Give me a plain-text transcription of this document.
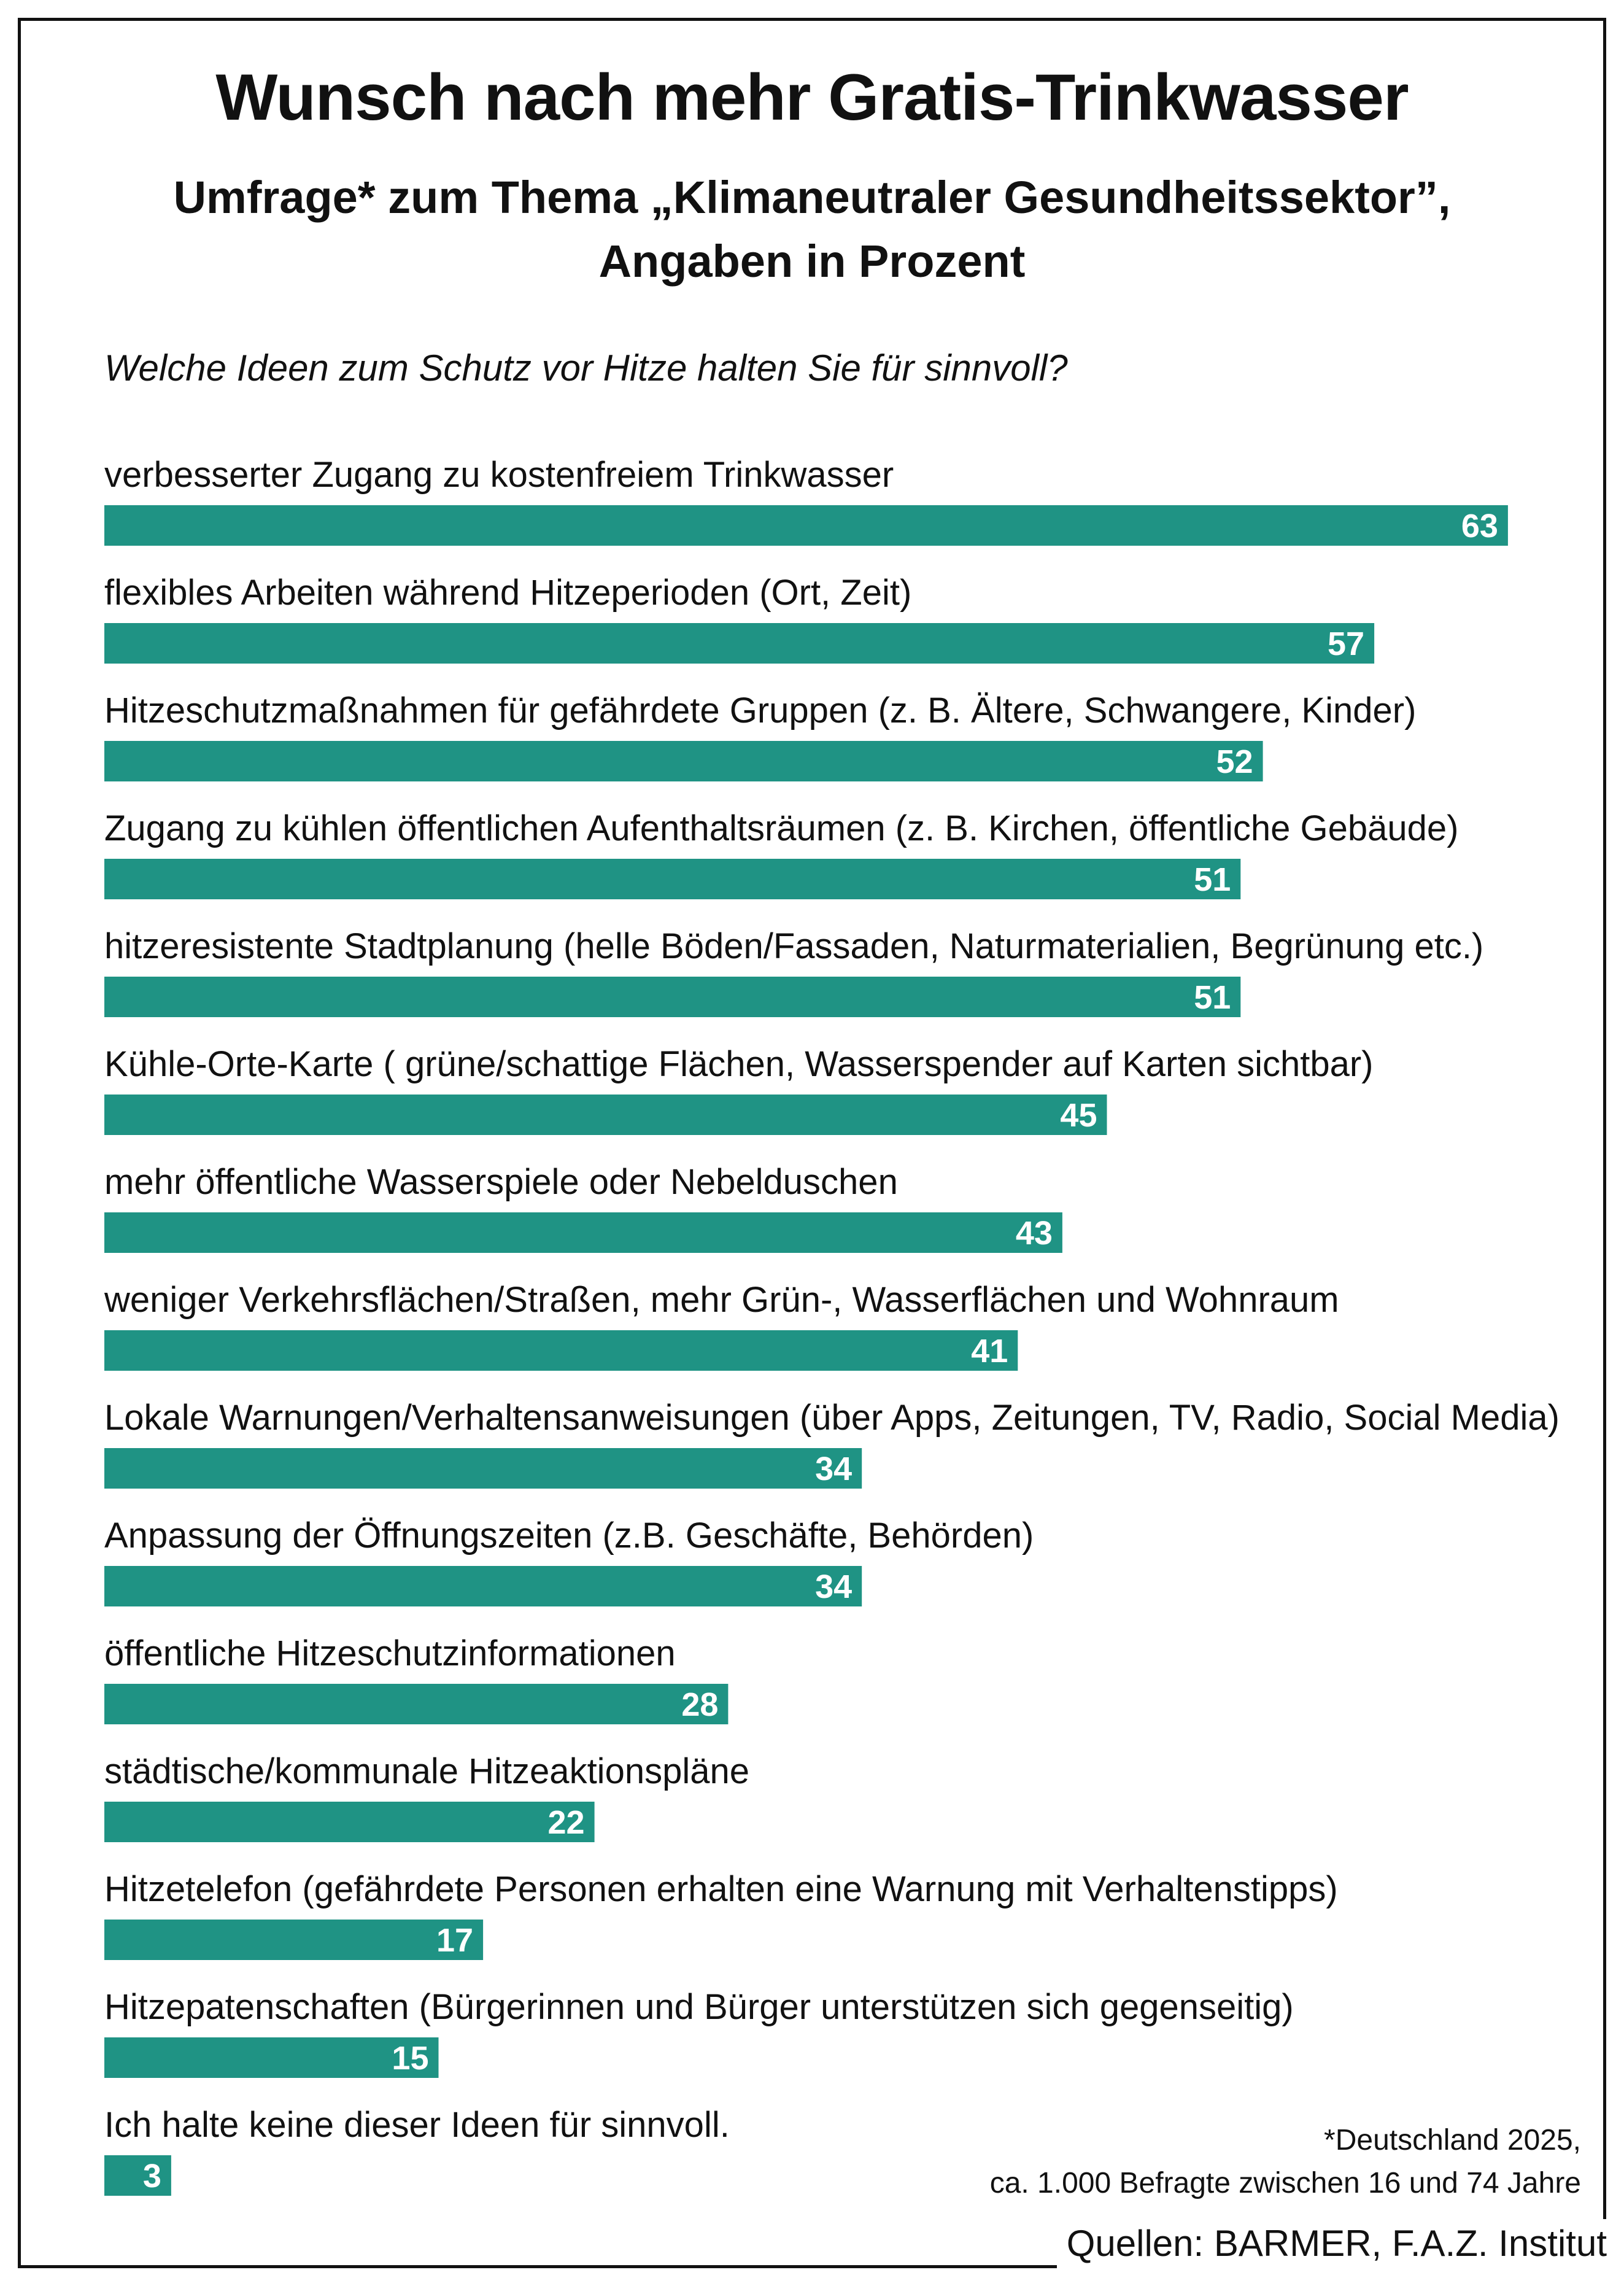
Wunsch nach mehr Gratis-Trinkwasser
Umfrage* zum Thema „Klimaneutraler Gesundheitssektor”,
Angaben in Prozent
Welche Ideen zum Schutz vor Hitze halten Sie für sinnvoll?
verbesserter Zugang zu kostenfreiem Trinkwasser
63
flexibles Arbeiten während Hitzeperioden (Ort, Zeit)
57
Hitzeschutzmaßnahmen für gefährdete Gruppen (z. B. Ältere, Schwangere, Kinder)
52
Zugang zu kühlen öffentlichen Aufenthaltsräumen (z. B. Kirchen, öffentliche Gebäude)
51
hitzeresistente Stadtplanung (helle Böden/Fassaden, Naturmaterialien, Begrünung etc.)
51
Kühle-Orte-Karte ( grüne/schattige Flächen, Wasserspender auf Karten sichtbar)
45
mehr öffentliche Wasserspiele oder Nebelduschen
43
weniger Verkehrsflächen/Straßen, mehr Grün-, Wasserflächen und Wohnraum
41
Lokale Warnungen/Verhaltensanweisungen (über Apps, Zeitungen, TV, Radio, Social Media)
34
Anpassung der Öffnungszeiten (z.B. Geschäfte, Behörden)
34
öffentliche Hitzeschutzinformationen
28
städtische/kommunale Hitzeaktionspläne
22
Hitzetelefon (gefährdete Personen erhalten eine Warnung mit Verhaltenstipps)
17
Hitzepatenschaften (Bürgerinnen und Bürger unterstützen sich gegenseitig)
15
Ich halte keine dieser Ideen für sinnvoll.
3
*Deutschland 2025,
ca. 1.000 Befragte zwischen 16 und 74 Jahre
Quellen: BARMER, F.A.Z. Institut
